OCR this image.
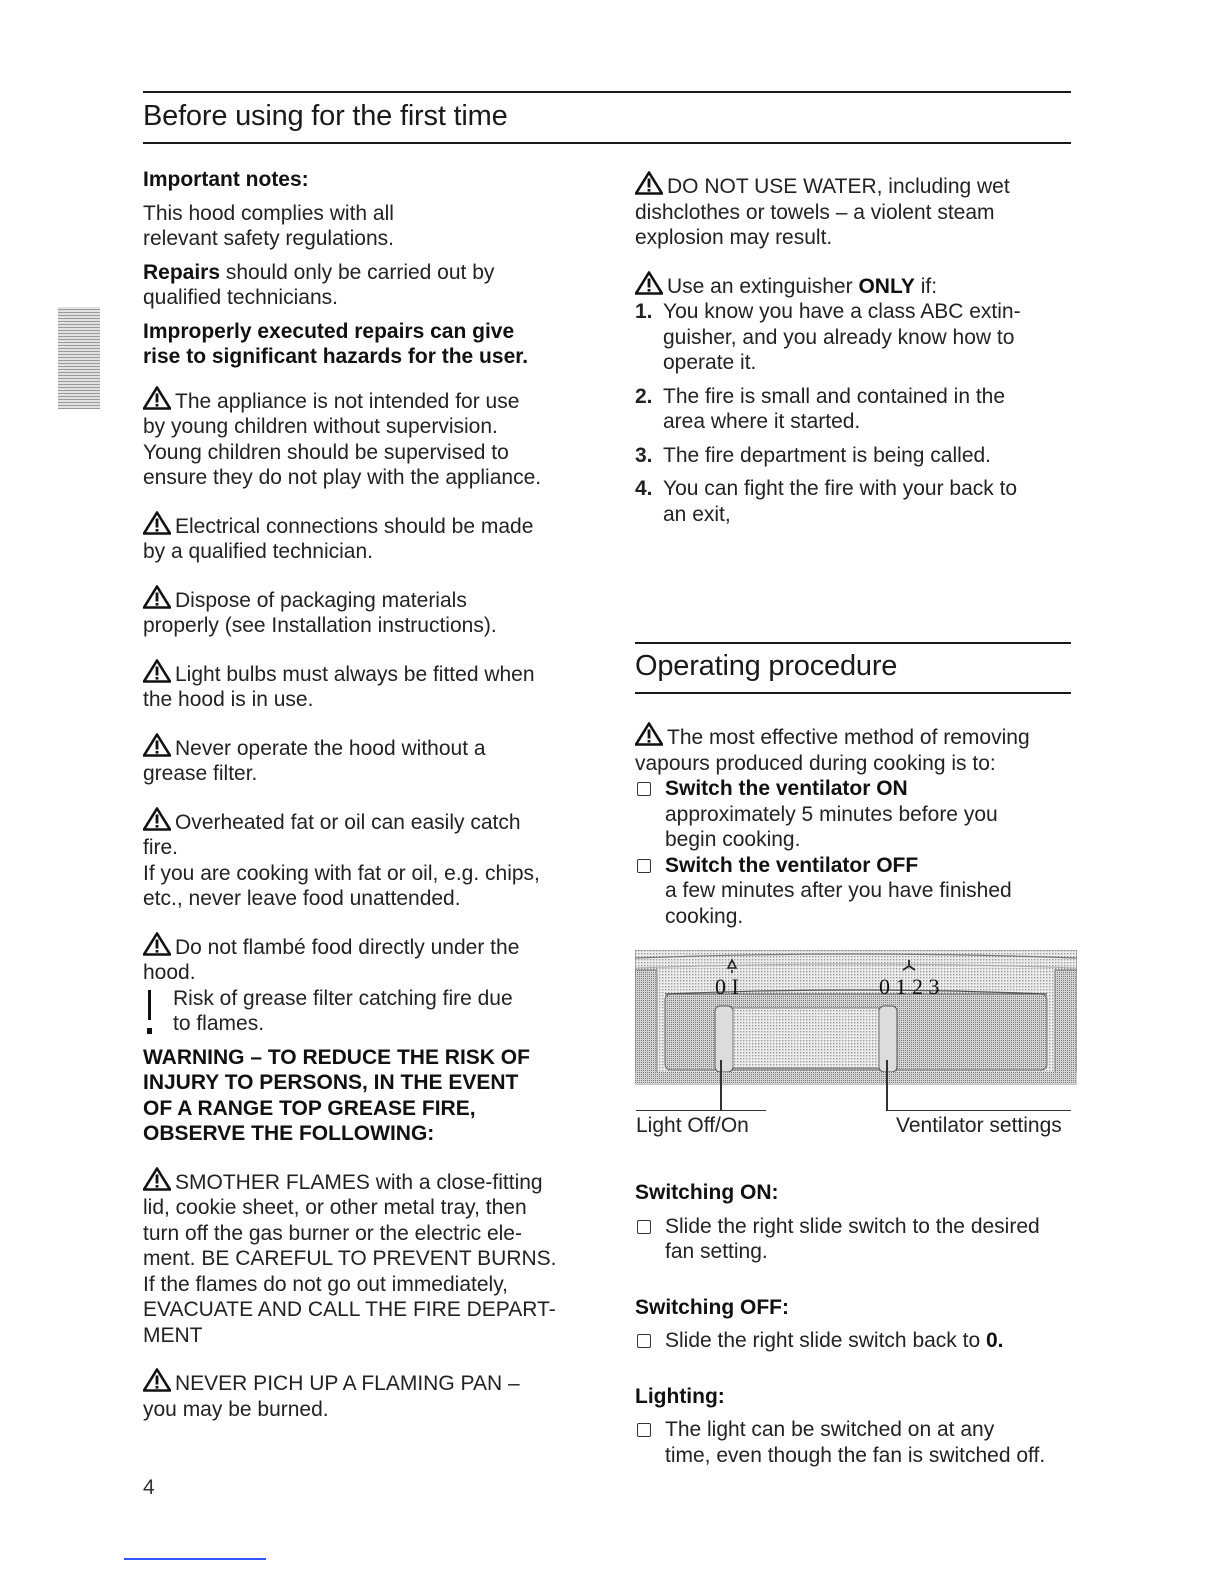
Before using for the first time

Important notes:

This hood complies with all

relevant safety regulations.

Repairs should only be carried out by

qualified technicians.

Improperly executed repairs can give

rise to significant hazards for the user.

The appliance is not intended for use

by young children without supervision.

Young children should be supervised to

ensure they do not play with the appliance.

Electrical connections should be made

by a qualified technician.

Dispose of packaging materials

properly (see Installation instructions).

Light bulbs must always be fitted when

the hood is in use.

Never operate the hood without a

grease filter.

Overheated fat or oil can easily catch

fire.

If you are cooking with fat or oil, e.g. chips,

etc., never leave food unattended.

Do not flambé food directly under the

hood.

Risk of grease filter catching fire due

to flames.

WARNING – TO REDUCE THE RISK OF

INJURY TO PERSONS, IN THE EVENT

OF A RANGE TOP GREASE FIRE,

OBSERVE THE FOLLOWING:

SMOTHER FLAMES with a close-fitting

lid, cookie sheet, or other metal tray, then

turn off the gas burner or the electric ele-

ment. BE CAREFUL TO PREVENT BURNS.

If the flames do not go out immediately,

EVACUATE AND CALL THE FIRE DEPART-

MENT

NEVER PICH UP A FLAMING PAN –

you may be burned.

DO NOT USE WATER, including wet

dishclothes or towels – a violent steam

explosion may result.

Use an extinguisher ONLY if:

1. You know you have a class ABC extin-

guisher, and you already know how to

operate it.

2. The fire is small and contained in the

area where it started.

3. The fire department is being called.

4. You can fight the fire with your back to

an exit,

Operating procedure

The most effective method of removing

vapours produced during cooking is to:

Switch the ventilator ON

approximately 5 minutes before you

begin cooking.

Switch the ventilator OFF

a few minutes after you have finished

cooking.

0 I	0 1 2 3
Light Off/On	Ventilator settings

Switching ON:

Slide the right slide switch to the desired

fan setting.

Switching OFF:

Slide the right slide switch back to 0.

Lighting:

The light can be switched on at any

time, even though the fan is switched off.

4
